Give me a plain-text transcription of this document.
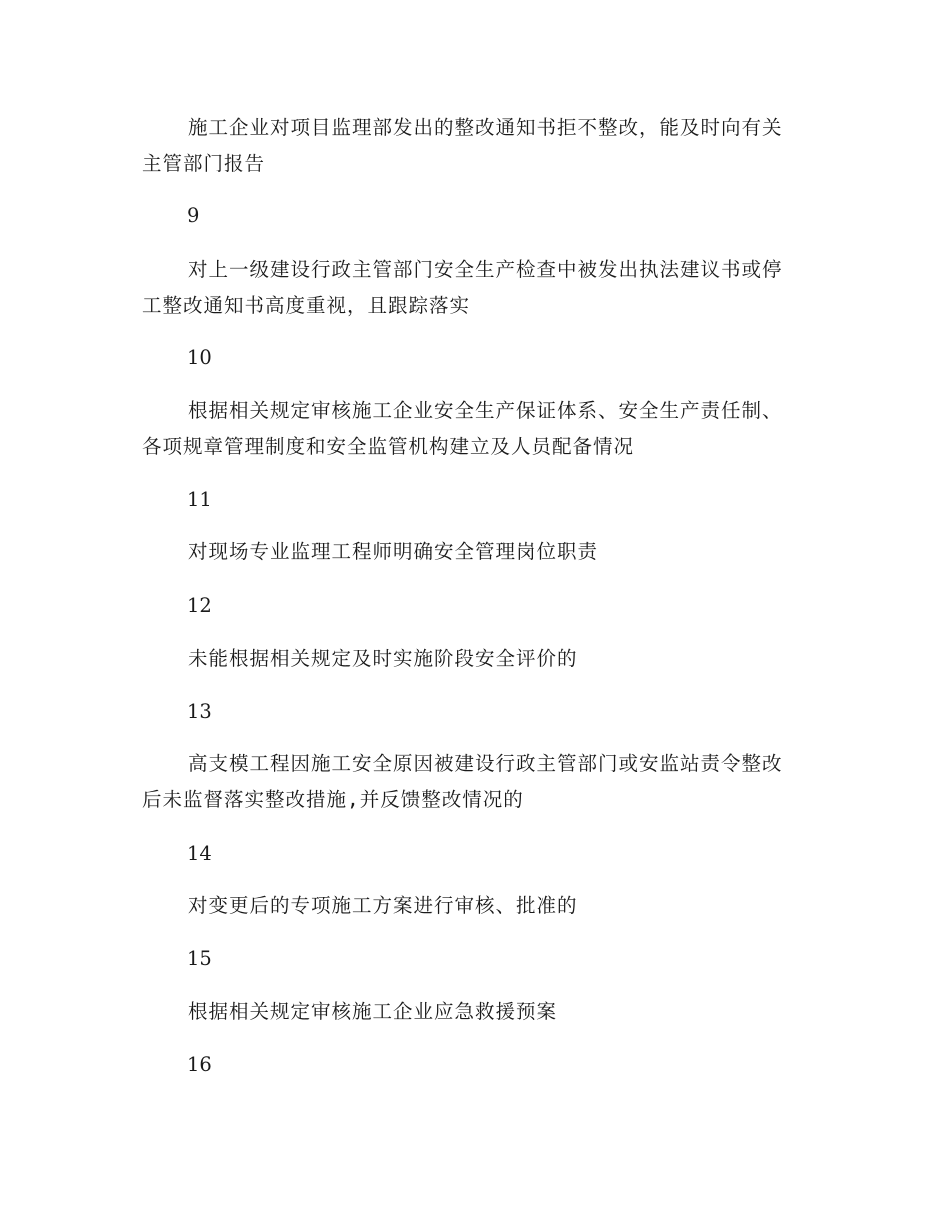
施工企业对项目监理部发出的整改通知书拒不整改，能及时向有关主管部门报告
9
对上一级建设行政主管部门安全生产检查中被发出执法建议书或停工整改通知书高度重视，且跟踪落实
10
根据相关规定审核施工企业安全生产保证体系、安全生产责任制、各项规章管理制度和安全监管机构建立及人员配备情况
11
对现场专业监理工程师明确安全管理岗位职责
12
未能根据相关规定及时实施阶段安全评价的
13
高支模工程因施工安全原因被建设行政主管部门或安监站责令整改后未监督落实整改措施,并反馈整改情况的
14
对变更后的专项施工方案进行审核、批准的
15
根据相关规定审核施工企业应急救援预案
16
